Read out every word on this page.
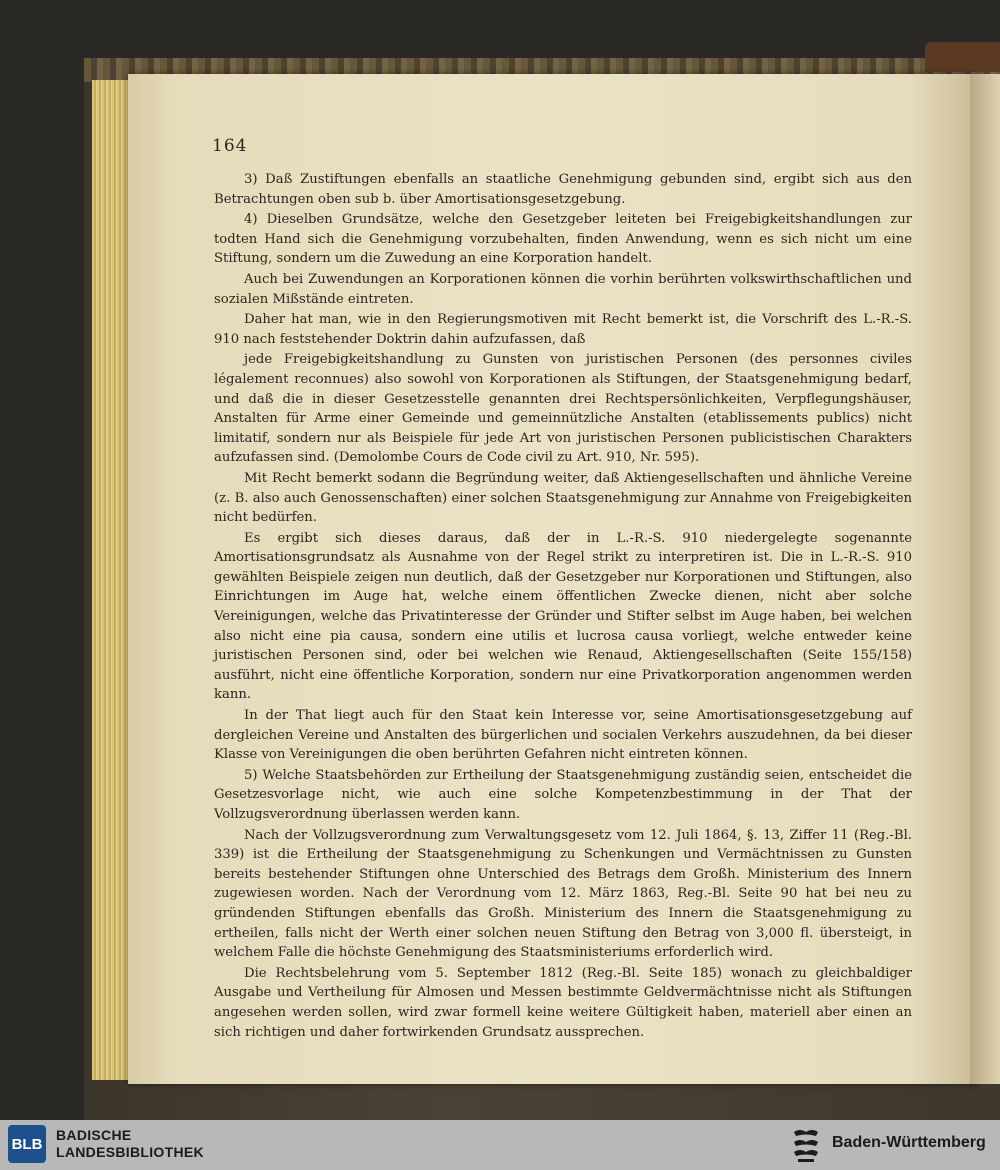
164

3) Daß Zustiftungen ebenfalls an staatliche Genehmigung gebunden sind, ergibt sich aus den Betrachtungen oben sub b. über Amortisationsgesetzgebung.

4) Dieselben Grundsätze, welche den Gesetzgeber leiteten bei Freigebigkeitshandlungen zur todten Hand sich die Genehmigung vorzubehalten, finden Anwendung, wenn es sich nicht um eine Stiftung, sondern um die Zuwedung an eine Korporation handelt.

Auch bei Zuwendungen an Korporationen können die vorhin berührten volkswirthschaftlichen und sozialen Mißstände eintreten.

Daher hat man, wie in den Regierungsmotiven mit Recht bemerkt ist, die Vorschrift des L.-R.-S. 910 nach feststehender Doktrin dahin aufzufassen, daß

jede Freigebigkeitshandlung zu Gunsten von juristischen Personen (des personnes civiles légalement reconnues) also sowohl von Korporationen als Stiftungen, der Staatsgenehmigung bedarf, und daß die in dieser Gesetzesstelle genannten drei Rechtspersönlichkeiten, Verpflegungshäuser, Anstalten für Arme einer Gemeinde und gemeinnützliche Anstalten (etablissements publics) nicht limitatif, sondern nur als Beispiele für jede Art von juristischen Personen publicistischen Charakters aufzufassen sind. (Demolombe Cours de Code civil zu Art. 910, Nr. 595).

Mit Recht bemerkt sodann die Begründung weiter, daß Aktiengesellschaften und ähnliche Vereine (z. B. also auch Genossenschaften) einer solchen Staatsgenehmigung zur Annahme von Freigebigkeiten nicht bedürfen.

Es ergibt sich dieses daraus, daß der in L.-R.-S. 910 niedergelegte sogenannte Amortisationsgrundsatz als Ausnahme von der Regel strikt zu interpretiren ist. Die in L.-R.-S. 910 gewählten Beispiele zeigen nun deutlich, daß der Gesetzgeber nur Korporationen und Stiftungen, also Einrichtungen im Auge hat, welche einem öffentlichen Zwecke dienen, nicht aber solche Vereinigungen, welche das Privatinteresse der Gründer und Stifter selbst im Auge haben, bei welchen also nicht eine pia causa, sondern eine utilis et lucrosa causa vorliegt, welche entweder keine juristischen Personen sind, oder bei welchen wie Renaud, Aktiengesellschaften (Seite 155/158) ausführt, nicht eine öffentliche Korporation, sondern nur eine Privatkorporation angenommen werden kann.

In der That liegt auch für den Staat kein Interesse vor, seine Amortisationsgesetzgebung auf dergleichen Vereine und Anstalten des bürgerlichen und socialen Verkehrs auszudehnen, da bei dieser Klasse von Vereinigungen die oben berührten Gefahren nicht eintreten können.

5) Welche Staatsbehörden zur Ertheilung der Staatsgenehmigung zuständig seien, entscheidet die Gesetzesvorlage nicht, wie auch eine solche Kompetenzbestimmung in der That der Vollzugsverordnung überlassen werden kann.

Nach der Vollzugsverordnung zum Verwaltungsgesetz vom 12. Juli 1864, §. 13, Ziffer 11 (Reg.-Bl. 339) ist die Ertheilung der Staatsgenehmigung zu Schenkungen und Vermächtnissen zu Gunsten bereits bestehender Stiftungen ohne Unterschied des Betrags dem Großh. Ministerium des Innern zugewiesen worden. Nach der Verordnung vom 12. März 1863, Reg.-Bl. Seite 90 hat bei neu zu gründenden Stiftungen ebenfalls das Großh. Ministerium des Innern die Staatsgenehmigung zu ertheilen, falls nicht der Werth einer solchen neuen Stiftung den Betrag von 3,000 fl. übersteigt, in welchem Falle die höchste Genehmigung des Staatsministeriums erforderlich wird.

Die Rechtsbelehrung vom 5. September 1812 (Reg.-Bl. Seite 185) wonach zu gleichbaldiger Ausgabe und Vertheilung für Almosen und Messen bestimmte Geldvermächtnisse nicht als Stiftungen angesehen werden sollen, wird zwar formell keine weitere Gültigkeit haben, materiell aber einen an sich richtigen und daher fortwirkenden Grundsatz aussprechen.

BLB
BADISCHE
LANDESBIBLIOTHEK
Baden-Württemberg
